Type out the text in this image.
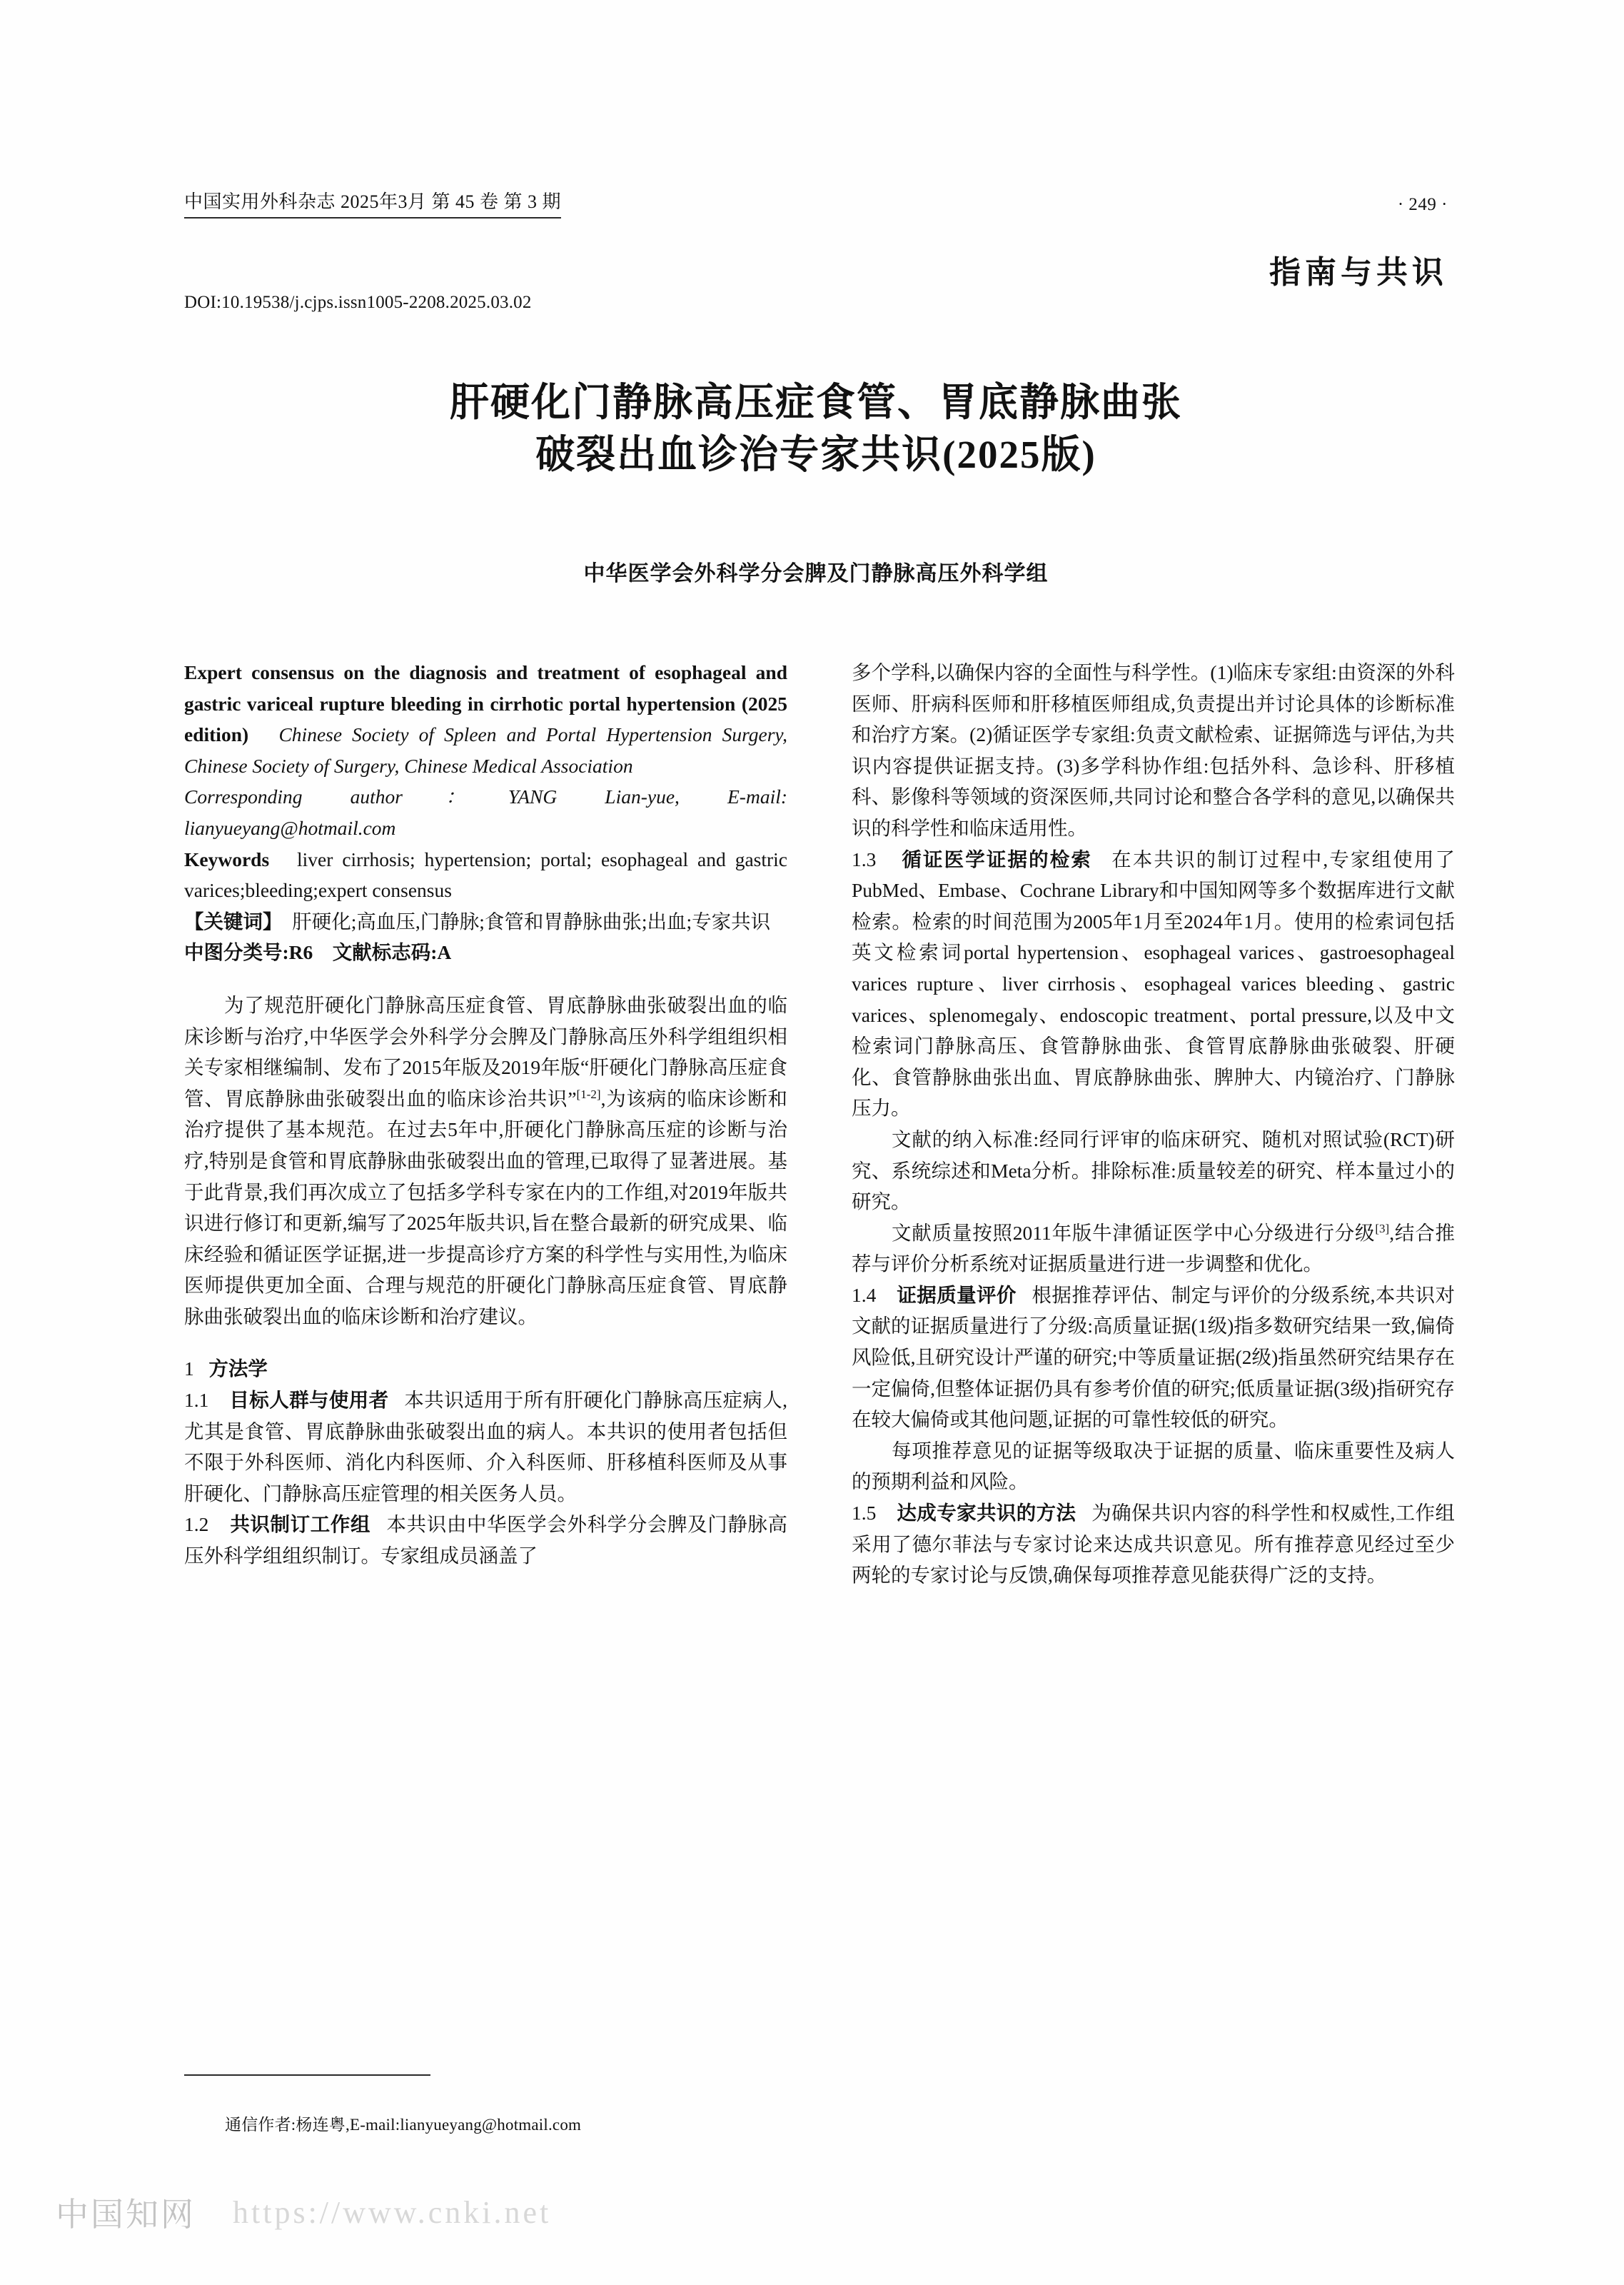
中国实用外科杂志 2025年3月 第 45 卷 第 3 期	· 249 ·
指南与共识
DOI:10.19538/j.cjps.issn1005-2208.2025.03.02
肝硬化门静脉高压症食管、胃底静脉曲张
破裂出血诊治专家共识(2025版)
中华医学会外科学分会脾及门静脉高压外科学组
Expert consensus on the diagnosis and treatment of esophageal and gastric variceal rupture bleeding in cirrhotic portal hypertension (2025 edition) Chinese Society of Spleen and Portal Hypertension Surgery, Chinese Society of Surgery, Chinese Medical Association
Corresponding author：YANG Lian-yue, E-mail: lianyueyang@hotmail.com
Keywords liver cirrhosis; hypertension; portal; esophageal and gastric varices;bleeding;expert consensus
【关键词】 肝硬化;高血压,门静脉;食管和胃静脉曲张;出血;专家共识
中图分类号:R6　文献标志码:A

为了规范肝硬化门静脉高压症食管、胃底静脉曲张破裂出血的临床诊断与治疗,中华医学会外科学分会脾及门静脉高压外科学组组织相关专家相继编制、发布了2015年版及2019年版“肝硬化门静脉高压症食管、胃底静脉曲张破裂出血的临床诊治共识”[1-2],为该病的临床诊断和治疗提供了基本规范。在过去5年中,肝硬化门静脉高压症的诊断与治疗,特别是食管和胃底静脉曲张破裂出血的管理,已取得了显著进展。基于此背景,我们再次成立了包括多学科专家在内的工作组,对2019年版共识进行修订和更新,编写了2025年版共识,旨在整合最新的研究成果、临床经验和循证医学证据,进一步提高诊疗方案的科学性与实用性,为临床医师提供更加全面、合理与规范的肝硬化门静脉高压症食管、胃底静脉曲张破裂出血的临床诊断和治疗建议。

1 方法学

1.1 目标人群与使用者 本共识适用于所有肝硬化门静脉高压症病人,尤其是食管、胃底静脉曲张破裂出血的病人。本共识的使用者包括但不限于外科医师、消化内科医师、介入科医师、肝移植科医师及从事肝硬化、门静脉高压症管理的相关医务人员。

1.2 共识制订工作组 本共识由中华医学会外科学分会脾及门静脉高压外科学组组织制订。专家组成员涵盖了

多个学科,以确保内容的全面性与科学性。(1)临床专家组:由资深的外科医师、肝病科医师和肝移植医师组成,负责提出并讨论具体的诊断标准和治疗方案。(2)循证医学专家组:负责文献检索、证据筛选与评估,为共识内容提供证据支持。(3)多学科协作组:包括外科、急诊科、肝移植科、影像科等领域的资深医师,共同讨论和整合各学科的意见,以确保共识的科学性和临床适用性。

1.3 循证医学证据的检索 在本共识的制订过程中,专家组使用了PubMed、Embase、Cochrane Library和中国知网等多个数据库进行文献检索。检索的时间范围为2005年1月至2024年1月。使用的检索词包括英文检索词portal hypertension、esophageal varices、gastroesophageal varices rupture、liver cirrhosis、esophageal varices bleeding、gastric varices、splenomegaly、endoscopic treatment、portal pressure,以及中文检索词门静脉高压、食管静脉曲张、食管胃底静脉曲张破裂、肝硬化、食管静脉曲张出血、胃底静脉曲张、脾肿大、内镜治疗、门静脉压力。

文献的纳入标准:经同行评审的临床研究、随机对照试验(RCT)研究、系统综述和Meta分析。排除标准:质量较差的研究、样本量过小的研究。

文献质量按照2011年版牛津循证医学中心分级进行分级[3],结合推荐与评价分析系统对证据质量进行进一步调整和优化。

1.4 证据质量评价 根据推荐评估、制定与评价的分级系统,本共识对文献的证据质量进行了分级:高质量证据(1级)指多数研究结果一致,偏倚风险低,且研究设计严谨的研究;中等质量证据(2级)指虽然研究结果存在一定偏倚,但整体证据仍具有参考价值的研究;低质量证据(3级)指研究存在较大偏倚或其他问题,证据的可靠性较低的研究。

每项推荐意见的证据等级取决于证据的质量、临床重要性及病人的预期利益和风险。

1.5 达成专家共识的方法 为确保共识内容的科学性和权威性,工作组采用了德尔菲法与专家讨论来达成共识意见。所有推荐意见经过至少两轮的专家讨论与反馈,确保每项推荐意见能获得广泛的支持。

通信作者:杨连粤,E-mail:lianyueyang@hotmail.com
中国知网 https://www.cnki.net
